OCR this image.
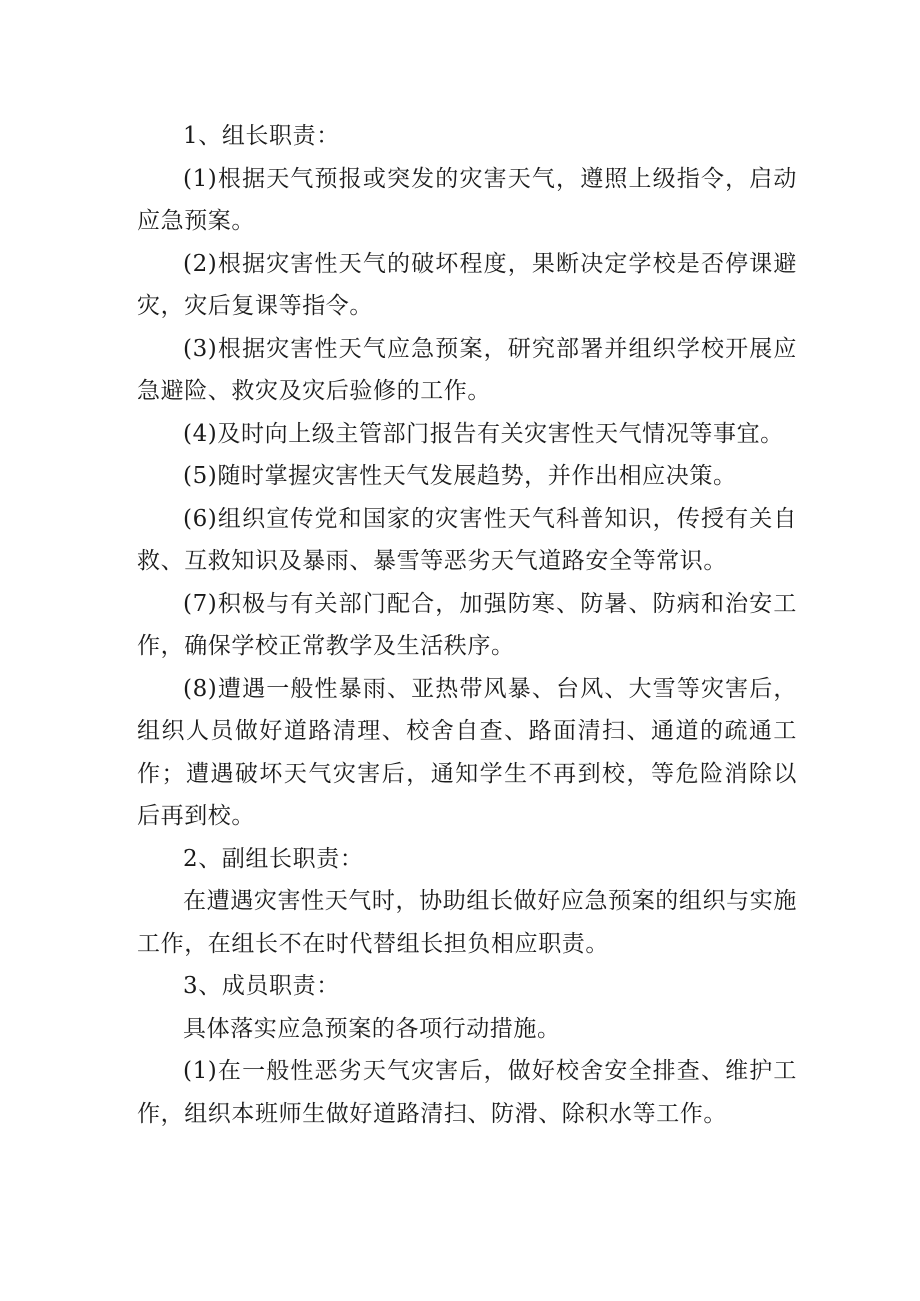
1、组长职责：

(1)根据天气预报或突发的灾害天气，遵照上级指令，启动应急预案。

(2)根据灾害性天气的破坏程度，果断决定学校是否停课避灾，灾后复课等指令。

(3)根据灾害性天气应急预案，研究部署并组织学校开展应急避险、救灾及灾后验修的工作。

(4)及时向上级主管部门报告有关灾害性天气情况等事宜。

(5)随时掌握灾害性天气发展趋势，并作出相应决策。

(6)组织宣传党和国家的灾害性天气科普知识，传授有关自救、互救知识及暴雨、暴雪等恶劣天气道路安全等常识。

(7)积极与有关部门配合，加强防寒、防暑、防病和治安工作，确保学校正常教学及生活秩序。

(8)遭遇一般性暴雨、亚热带风暴、台风、大雪等灾害后，组织人员做好道路清理、校舍自查、路面清扫、通道的疏通工作；遭遇破坏天气灾害后，通知学生不再到校，等危险消除以后再到校。

2、副组长职责：

在遭遇灾害性天气时，协助组长做好应急预案的组织与实施工作，在组长不在时代替组长担负相应职责。

3、成员职责：

具体落实应急预案的各项行动措施。

(1)在一般性恶劣天气灾害后，做好校舍安全排查、维护工作，组织本班师生做好道路清扫、防滑、除积水等工作。
